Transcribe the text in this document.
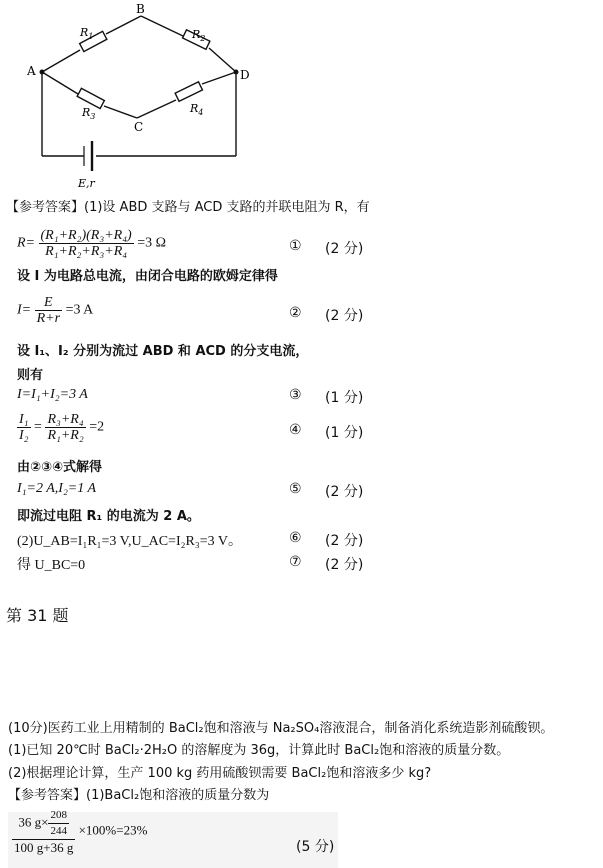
A
B
C
D
$R_1$	$R_2$
$R_3$
$R_4$
E,r
【参考答案】(1)设 ABD 支路与 ACD 支路的并联电阻为 R，有
$R= \frac{\text{(R₁+R₂)(R₃+R₄)}}{\text{R₁+R₂+R₃+R₄}} =3$ Ω	① (2 分)
设 I 为电路总电流，由闭合电路的欧姆定律得
$I= \frac{E}{R+r} =3$ A	② (2 分)
设 I₁、I₂ 分别为流过 ABD 和 ACD 的分支电流，
则有
I=I₁+I₂=3 A	③ (1 分)
$\frac{\text{I₁}}{\text{I₂}} = \frac{\text{R₃+R₄}}{\text{R₁+R₂}} =2$	④ (1 分)
由②③④式解得
I₁=2 A,I₂=1 A	⑤ (2 分)
即流过电阻 R₁ 的电流为 2 A。
(2)U_AB=I₁R₁=3 V,U_AC=I₂R₃=3 V。	⑥ (2 分)
得 U_BC=0	⑦ (2 分)
第 31 题
(10分)医药工业上用精制的 BaCl₂饱和溶液与 Na₂SO₄溶液混合，制备消化系统造影剂硫酸钡。
(1)已知 20℃时 BaCl₂·2H₂O 的溶解度为 36g，计算此时 BaCl₂饱和溶液的质量分数。
(2)根据理论计算，生产 100 kg 药用硫酸钡需要 BaCl₂饱和溶液多少 kg?
【参考答案】(1)BaCl₂饱和溶液的质量分数为
$\frac{36 g\times \frac{208}{244}}{100 g+36 g} \times 100\%=23\%$
(5 分)
